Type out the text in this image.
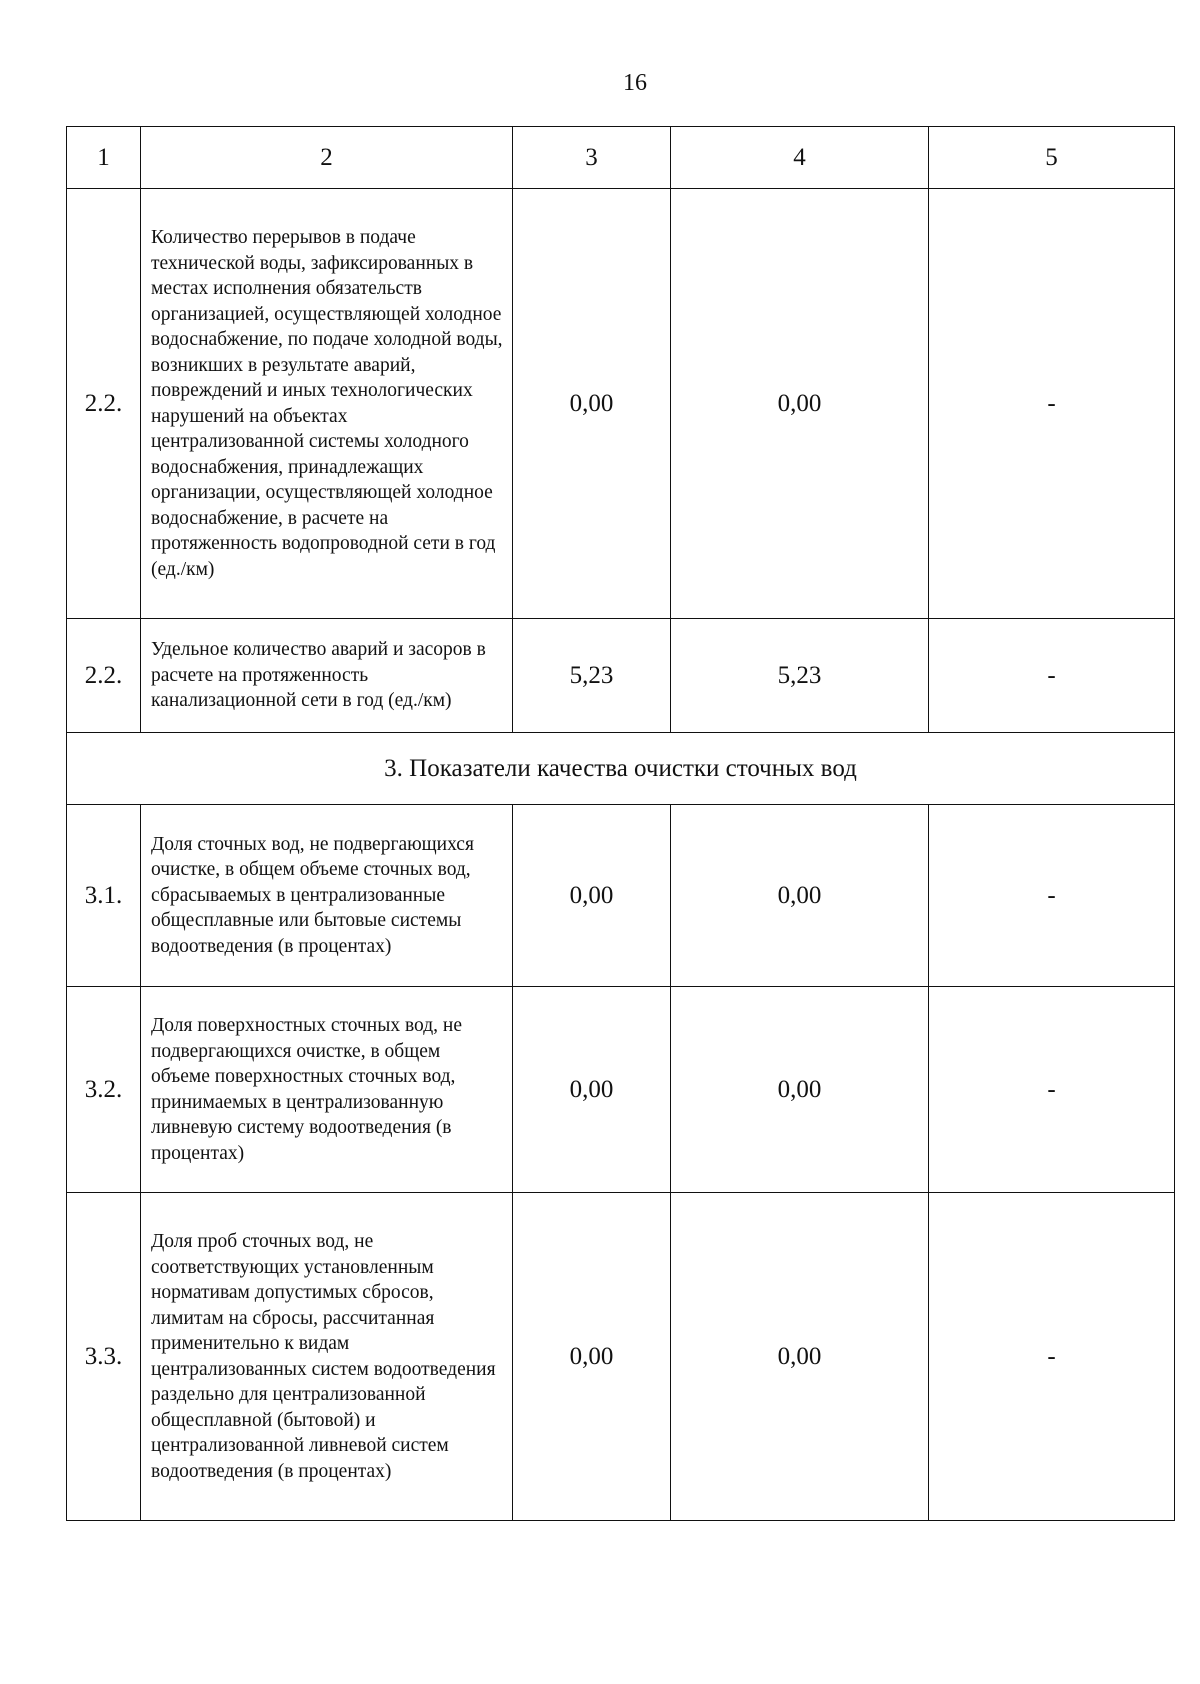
16
1	2	3	4	5
2.2.	Количество перерывов в подаче технической воды, зафиксированных в местах исполнения обязательств организацией, осуществляющей холодное водоснабжение, по подаче холодной воды, возникших в результате аварий, повреждений и иных технологических нарушений на объектах централизованной системы холодного водоснабжения, принадлежащих организации, осуществляющей холодное водоснабжение, в расчете на протяженность водопроводной сети в год (ед./км)	0,00	0,00	-
2.2.	Удельное количество аварий и засоров в расчете на протяженность канализационной сети в год (ед./км)	5,23	5,23	-
3. Показатели качества очистки сточных вод				
3.1.	Доля сточных вод, не подвергающихся очистке, в общем объеме сточных вод, сбрасываемых в централизованные общесплавные или бытовые системы водоотведения (в процентах)	0,00	0,00	-
3.2.	Доля поверхностных сточных вод, не подвергающихся очистке, в общем объеме поверхностных сточных вод, принимаемых в централизованную ливневую систему водоотведения (в процентах)	0,00	0,00	-
3.3.	Доля проб сточных вод, не соответствующих установленным нормативам допустимых сбросов, лимитам на сбросы, рассчитанная применительно к видам централизованных систем водоотведения раздельно для централизованной общесплавной (бытовой) и централизованной ливневой систем водоотведения (в процентах)	0,00	0,00	-
